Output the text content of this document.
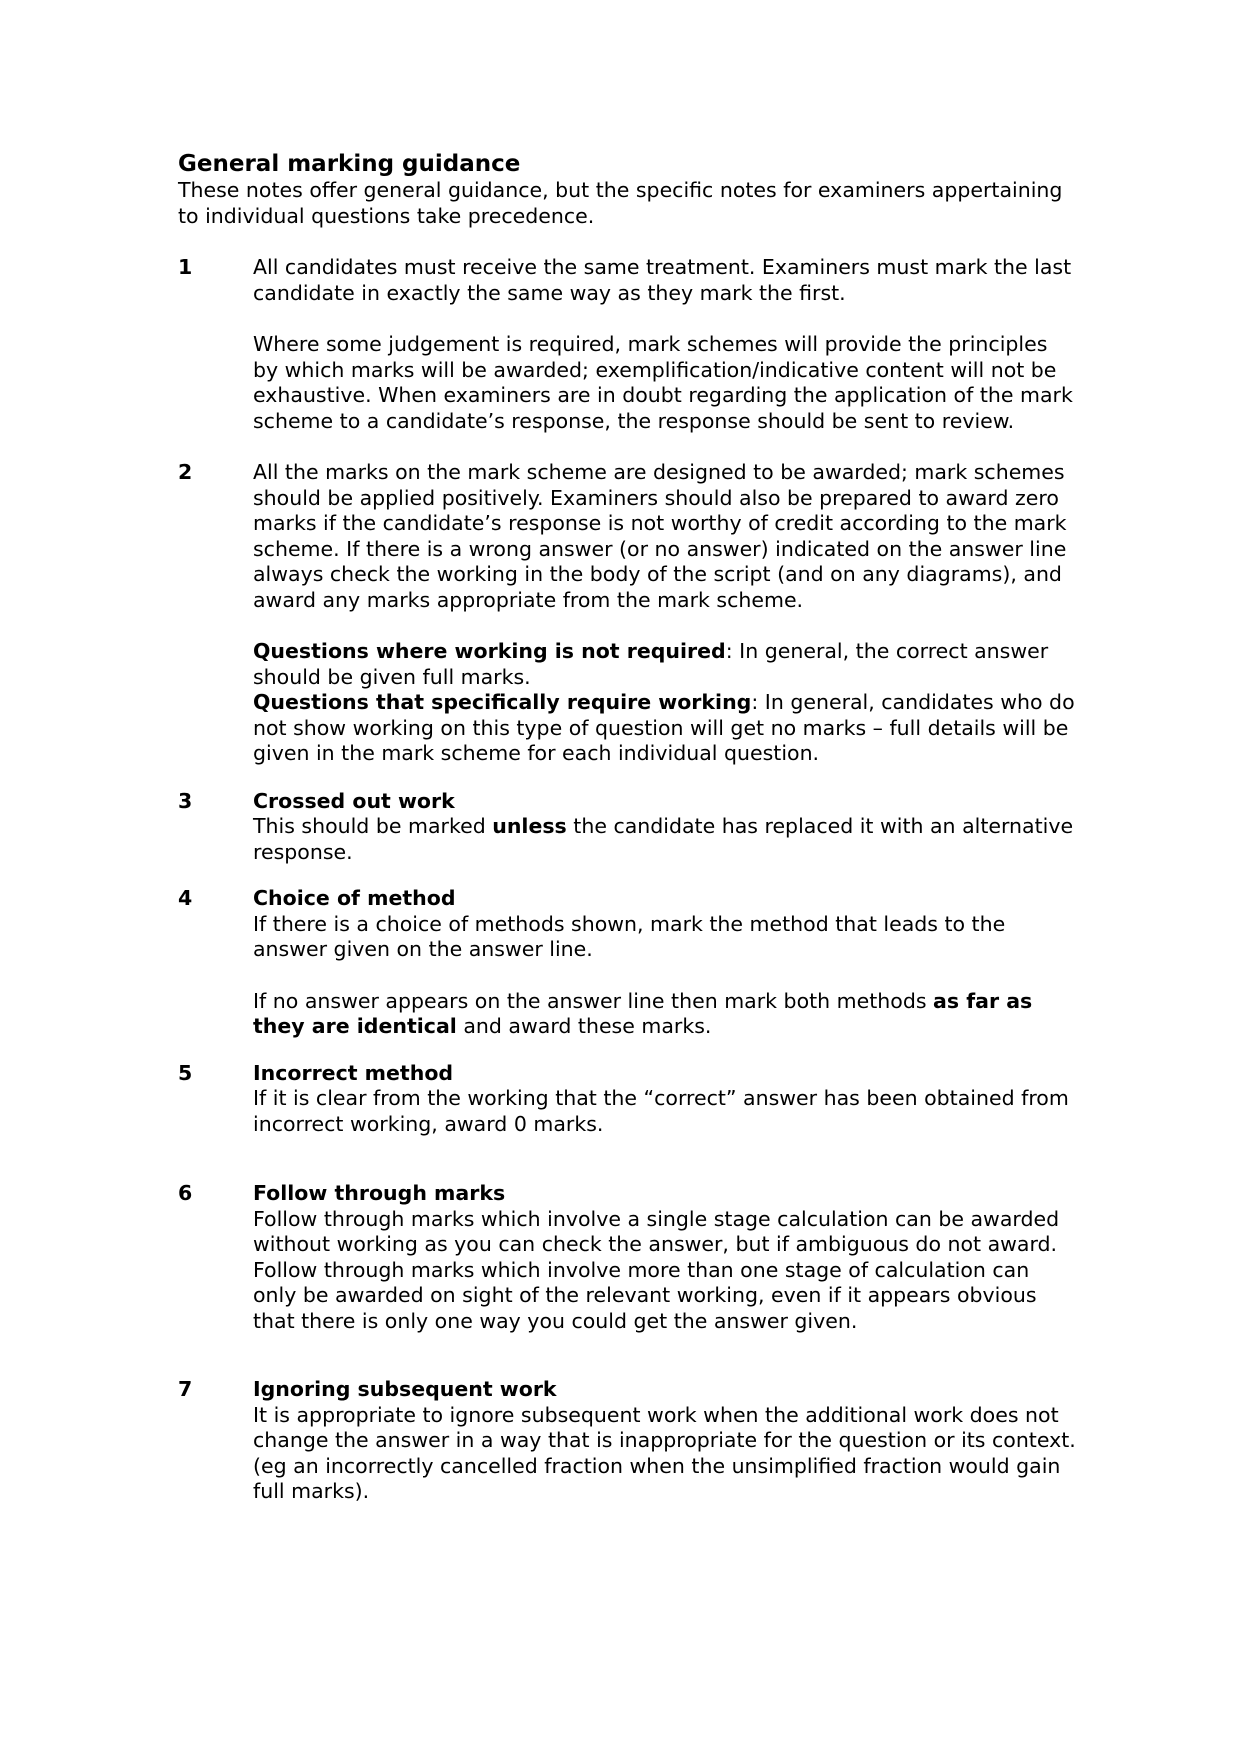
General marking guidance

These notes offer general guidance, but the specific notes for examiners appertaining to individual questions take precedence.

1	All candidates must receive the same treatment. Examiners must mark the last candidate in exactly the same way as they mark the first.

Where some judgement is required, mark schemes will provide the principles by which marks will be awarded; exemplification/indicative content will not be exhaustive. When examiners are in doubt regarding the application of the mark scheme to a candidate’s response, the response should be sent to review.

2	All the marks on the mark scheme are designed to be awarded; mark schemes should be applied positively. Examiners should also be prepared to award zero marks if the candidate’s response is not worthy of credit according to the mark scheme. If there is a wrong answer (or no answer) indicated on the answer line always check the working in the body of the script (and on any diagrams), and award any marks appropriate from the mark scheme.

Questions where working is not required: In general, the correct answer should be given full marks.

Questions that specifically require working: In general, candidates who do not show working on this type of question will get no marks – full details will be given in the mark scheme for each individual question.

3	Crossed out work

This should be marked unless the candidate has replaced it with an alternative response.

4	Choice of method

If there is a choice of methods shown, mark the method that leads to the answer given on the answer line.

If no answer appears on the answer line then mark both methods as far as they are identical and award these marks.

5	Incorrect method

If it is clear from the working that the “correct” answer has been obtained from incorrect working, award 0 marks.

6	Follow through marks

Follow through marks which involve a single stage calculation can be awarded without working as you can check the answer, but if ambiguous do not award.

Follow through marks which involve more than one stage of calculation can only be awarded on sight of the relevant working, even if it appears obvious that there is only one way you could get the answer given.

7	Ignoring subsequent work

It is appropriate to ignore subsequent work when the additional work does not change the answer in a way that is inappropriate for the question or its context. (eg an incorrectly cancelled fraction when the unsimplified fraction would gain full marks).
